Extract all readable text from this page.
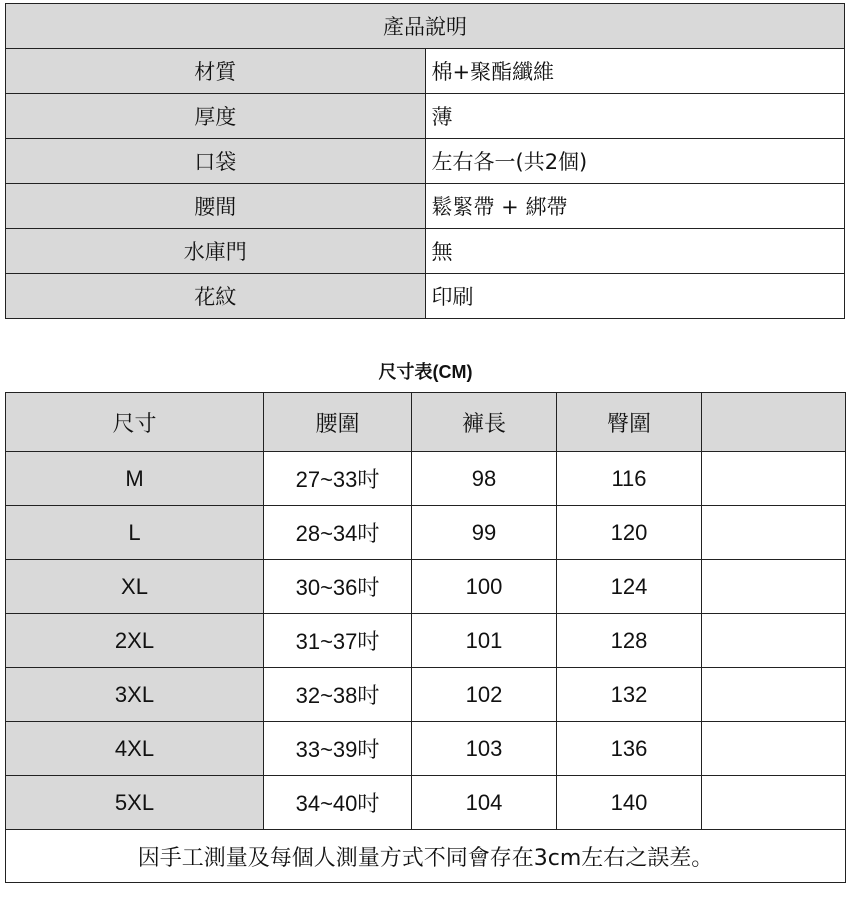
產品說明	
材質	棉+聚酯纖維
厚度	薄
口袋	左右各一(共2個)
腰間	鬆緊帶 + 綁帶
水庫門	無
花紋	印刷
尺寸表(CM)
尺寸	腰圍	褲長	臀圍	
M	27~33吋	98	116	
L	28~34吋	99	120	
XL	30~36吋	100	124	
2XL	31~37吋	101	128	
3XL	32~38吋	102	132	
4XL	33~39吋	103	136	
5XL	34~40吋	104	140	
因手工測量及每個人測量方式不同會存在3cm左右之誤差。				
